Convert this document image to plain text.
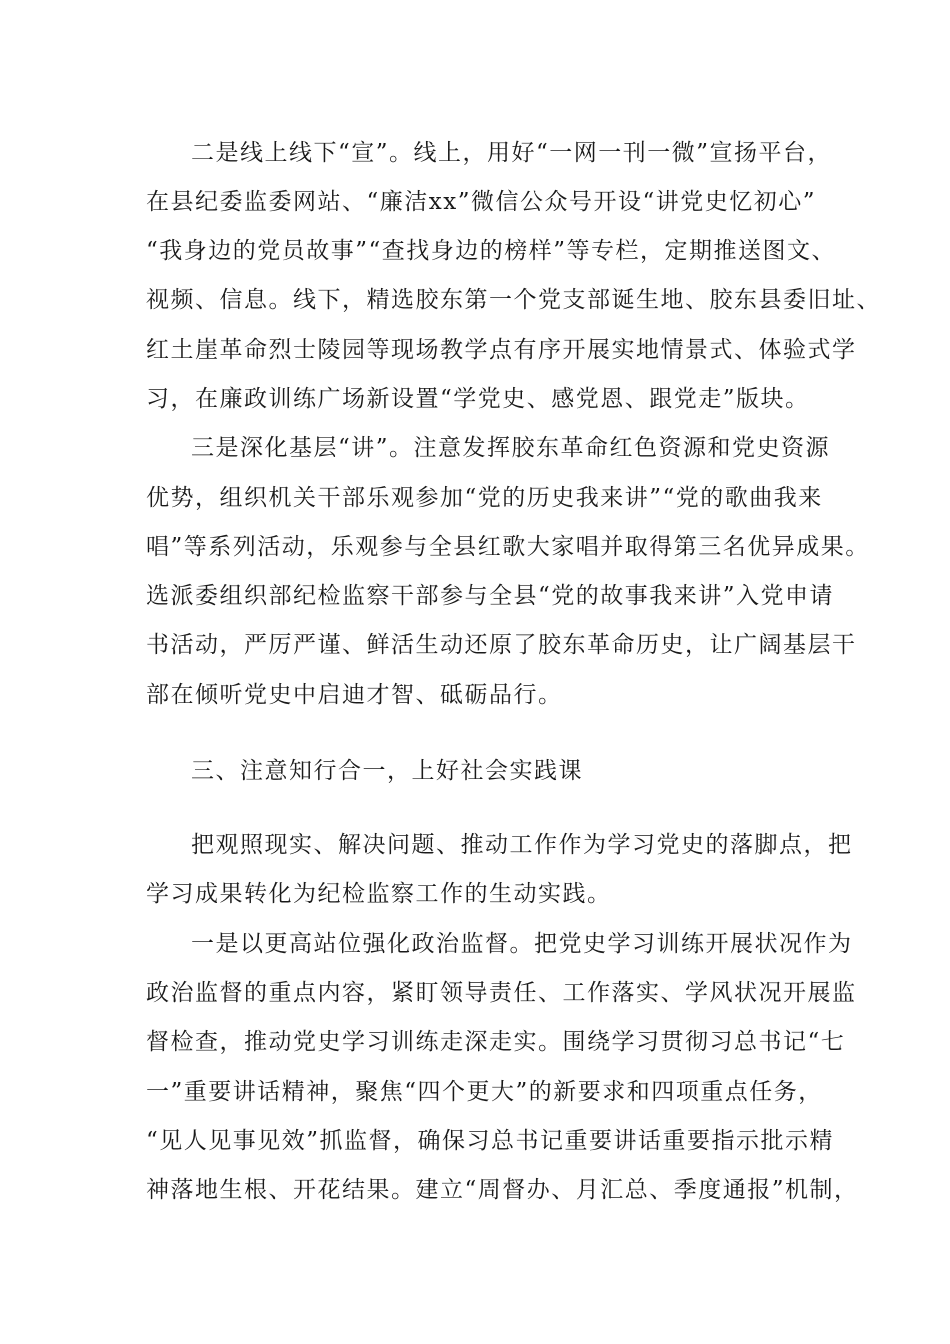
二是线上线下“宣”。线上，用好“一网一刊一微”宣扬平台，
在县纪委监委网站、“廉洁xx”微信公众号开设“讲党史忆初心”
“我身边的党员故事”“查找身边的榜样”等专栏，定期推送图文、
视频、信息。线下，精选胶东第一个党支部诞生地、胶东县委旧址、
红土崖革命烈士陵园等现场教学点有序开展实地情景式、体验式学
习，在廉政训练广场新设置“学党史、感党恩、跟党走”版块。
三是深化基层“讲”。注意发挥胶东革命红色资源和党史资源
优势，组织机关干部乐观参加“党的历史我来讲”“党的歌曲我来
唱”等系列活动，乐观参与全县红歌大家唱并取得第三名优异成果。
选派委组织部纪检监察干部参与全县“党的故事我来讲”入党申请
书活动，严厉严谨、鲜活生动还原了胶东革命历史，让广阔基层干
部在倾听党史中启迪才智、砥砺品行。
三、注意知行合一，上好社会实践课
把观照现实、解决问题、推动工作作为学习党史的落脚点，把
学习成果转化为纪检监察工作的生动实践。
一是以更高站位强化政治监督。把党史学习训练开展状况作为
政治监督的重点内容，紧盯领导责任、工作落实、学风状况开展监
督检查，推动党史学习训练走深走实。围绕学习贯彻习总书记“七
一”重要讲话精神，聚焦“四个更大”的新要求和四项重点任务，
“见人见事见效”抓监督，确保习总书记重要讲话重要指示批示精
神落地生根、开花结果。建立“周督办、月汇总、季度通报”机制，
